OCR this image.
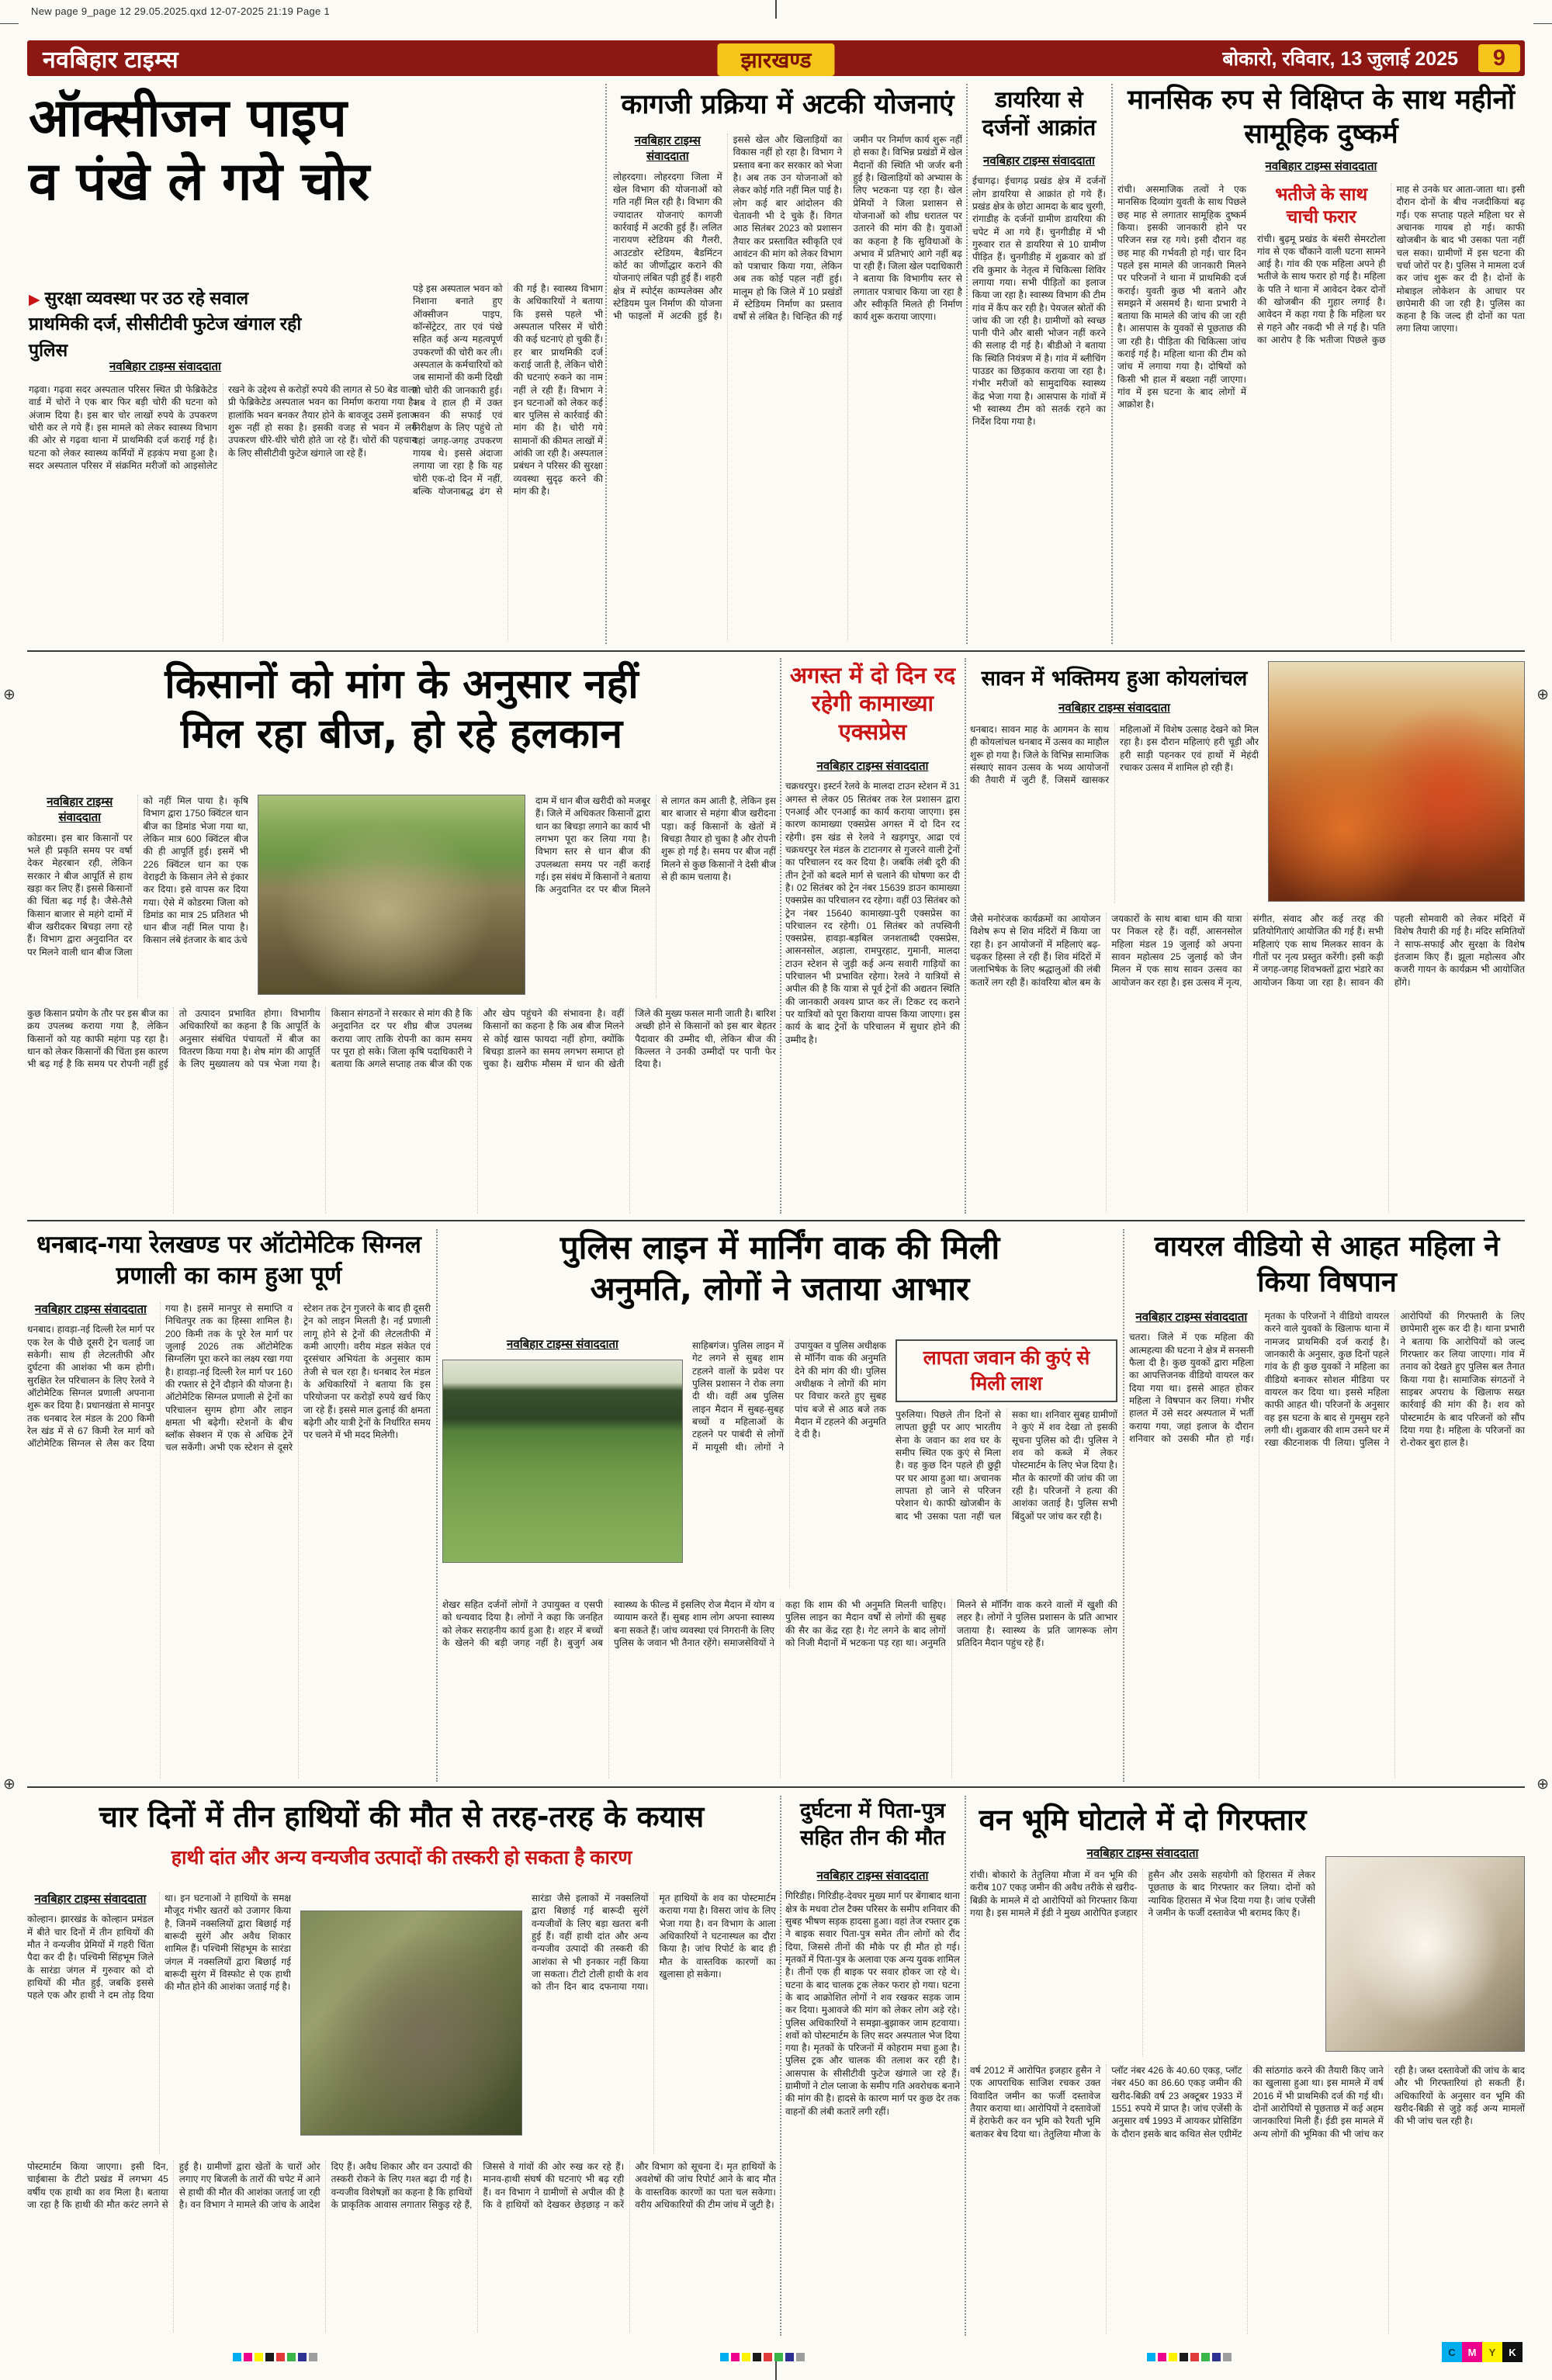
New page 9_page 12 29.05.2025.qxd 12-07-2025 21:19 Page 1
⊕	⊕
⊕	⊕
नवबिहार टाइम्स	झारखण्ड	बोकारो, रविवार, 13 जुलाई 2025	9
ऑक्सीजन पाइप
व पंखे ले गये चोर
▶ सुरक्षा व्यवस्था पर उठ रहे सवाल
प्राथमिकी दर्ज, सीसीटीवी फुटेज खंगाल रही पुलिस
नवबिहार टाइम्स संवाददाता
गढ़वा। गढ़वा सदर अस्पताल परिसर स्थित प्री फेब्रिकेटेड वार्ड में चोरों ने एक बार फिर बड़ी चोरी की घटना को अंजाम दिया है। इस बार चोर लाखों रुपये के उपकरण चोरी कर ले गये हैं। इस मामले को लेकर स्वास्थ्य विभाग की ओर से गढ़वा थाना में प्राथमिकी दर्ज कराई गई है। घटना को लेकर स्वास्थ्य कर्मियों में हड़कंप मचा हुआ है। सदर अस्पताल परिसर में संक्रमित मरीजों को आइसोलेट रखने के उद्देश्य से करोड़ों रुपये की लागत से 50 बेड वाला प्री फेब्रिकेटेड अस्पताल भवन का निर्माण कराया गया है। हालांकि भवन बनकर तैयार होने के बावजूद उसमें इलाज शुरू नहीं हो सका है। इसकी वजह से भवन में लगे उपकरण धीरे-धीरे चोरी होते जा रहे हैं। चोरों की पहचान के लिए सीसीटीवी फुटेज खंगाले जा रहे हैं।
पड़े इस अस्पताल भवन को निशाना बनाते हुए ऑक्सीजन पाइप, कॉन्सेंट्रेटर, तार एवं पंखे सहित कई अन्य महत्वपूर्ण उपकरणों की चोरी कर ली। अस्पताल के कर्मचारियों को जब सामानों की कमी दिखी तो चोरी की जानकारी हुई। जब वे हाल ही में उक्त भवन की सफाई एवं निरीक्षण के लिए पहुंचे तो वहां जगह-जगह उपकरण गायब थे। इससे अंदाजा लगाया जा रहा है कि यह चोरी एक-दो दिन में नहीं, बल्कि योजनाबद्ध ढंग से की गई है। स्वास्थ्य विभाग के अधिकारियों ने बताया कि इससे पहले भी अस्पताल परिसर में चोरी की कई घटनाएं हो चुकी हैं। हर बार प्राथमिकी दर्ज कराई जाती है, लेकिन चोरी की घटनाएं रुकने का नाम नहीं ले रही हैं। विभाग ने इन घटनाओं को लेकर कई बार पुलिस से कार्रवाई की मांग की है। चोरी गये सामानों की कीमत लाखों में आंकी जा रही है। अस्पताल प्रबंधन ने परिसर की सुरक्षा व्यवस्था सुदृढ़ करने की मांग की है।
कागजी प्रक्रिया में अटकी योजनाएं
नवबिहार टाइम्स संवाददाता
लोहरदगा। लोहरदगा जिला में खेल विभाग की योजनाओं को गति नहीं मिल रही है। विभाग की ज्यादातर योजनाएं कागजी कार्रवाई में अटकी हुई हैं। ललित नारायण स्टेडियम की गैलरी, आउटडोर स्टेडियम, बैडमिंटन कोर्ट का जीर्णोद्धार कराने की योजनाएं लंबित पड़ी हुई हैं। शहरी क्षेत्र में स्पोर्ट्स काम्पलेक्स और स्टेडियम पुल निर्माण की योजना भी फाइलों में अटकी हुई है। इससे खेल और खिलाड़ियों का विकास नहीं हो रहा है। विभाग ने प्रस्ताव बना कर सरकार को भेजा है। अब तक उन योजनाओं को लेकर कोई गति नहीं मिल पाई है। लोग कई बार आंदोलन की चेतावनी भी दे चुके हैं। विगत आठ सितंबर 2023 को प्रशासन तैयार कर प्रस्तावित स्वीकृति एवं आवंटन की मांग को लेकर विभाग को पत्राचार किया गया, लेकिन अब तक कोई पहल नहीं हुई। मालूम हो कि जिले में 10 प्रखंडों में स्टेडियम निर्माण का प्रस्ताव वर्षों से लंबित है। चिन्हित की गई जमीन पर निर्माण कार्य शुरू नहीं हो सका है। विभिन्न प्रखंडों में खेल मैदानों की स्थिति भी जर्जर बनी हुई है। खिलाड़ियों को अभ्यास के लिए भटकना पड़ रहा है। खेल प्रेमियों ने जिला प्रशासन से योजनाओं को शीघ्र धरातल पर उतारने की मांग की है। युवाओं का कहना है कि सुविधाओं के अभाव में प्रतिभाएं आगे नहीं बढ़ पा रही हैं। जिला खेल पदाधिकारी ने बताया कि विभागीय स्तर से लगातार पत्राचार किया जा रहा है और स्वीकृति मिलते ही निर्माण कार्य शुरू कराया जाएगा।
डायरिया से दर्जनों आक्रांत
नवबिहार टाइम्स संवाददाता
ईचागढ़। ईचागढ़ प्रखंड क्षेत्र में दर्जनों लोग डायरिया से आक्रांत हो गये हैं। प्रखंड क्षेत्र के छोटा आमदा के बाद चुरगी, रांगाडीह के दर्जनों ग्रामीण डायरिया की चपेट में आ गये हैं। चुनगीडीह में भी गुरुवार रात से डायरिया से 10 ग्रामीण पीड़ित हैं। चुनगीडीह में शुक्रवार को डॉ रवि कुमार के नेतृत्व में चिकित्सा शिविर लगाया गया। सभी पीड़ितों का इलाज किया जा रहा है। स्वास्थ्य विभाग की टीम गांव में कैंप कर रही है। पेयजल स्रोतों की जांच की जा रही है। ग्रामीणों को स्वच्छ पानी पीने और बासी भोजन नहीं करने की सलाह दी गई है। बीडीओ ने बताया कि स्थिति नियंत्रण में है। गांव में ब्लीचिंग पाउडर का छिड़काव कराया जा रहा है। गंभीर मरीजों को सामुदायिक स्वास्थ्य केंद्र भेजा गया है। आसपास के गांवों में भी स्वास्थ्य टीम को सतर्क रहने का निर्देश दिया गया है।
मानसिक रुप से विक्षिप्त के साथ महीनों सामूहिक दुष्कर्म
नवबिहार टाइम्स संवाददाता
रांची। असमाजिक तत्वों ने एक मानसिक दिव्यांग युवती के साथ पिछले छह माह से लगातार सामूहिक दुष्कर्म किया। इसकी जानकारी होने पर परिजन सन्न रह गये। इसी दौरान वह छह माह की गर्भवती हो गई। चार दिन पहले इस मामले की जानकारी मिलने पर परिजनों ने थाना में प्राथमिकी दर्ज कराई। युवती कुछ भी बताने और समझने में असमर्थ है। थाना प्रभारी ने बताया कि मामले की जांच की जा रही है। आसपास के युवकों से पूछताछ की जा रही है। पीड़िता की चिकित्सा जांच कराई गई है। महिला थाना की टीम को जांच में लगाया गया है। दोषियों को किसी भी हाल में बख्शा नहीं जाएगा। गांव में इस घटना के बाद लोगों में आक्रोश है।
भतीजे के साथ चाची फरार
रांची। बुढ़मू प्रखंड के बंसरी सेमरटोला गांव से एक चौंकाने वाली घटना सामने आई है। गांव की एक महिला अपने ही भतीजे के साथ फरार हो गई है। महिला के पति ने थाना में आवेदन देकर दोनों की खोजबीन की गुहार लगाई है। आवेदन में कहा गया है कि महिला घर से गहने और नकदी भी ले गई है। पति का आरोप है कि भतीजा पिछले कुछ माह से उनके घर आता-जाता था। इसी दौरान दोनों के बीच नजदीकियां बढ़ गईं। एक सप्ताह पहले महिला घर से अचानक गायब हो गई। काफी खोजबीन के बाद भी उसका पता नहीं चल सका। ग्रामीणों में इस घटना की चर्चा जोरों पर है। पुलिस ने मामला दर्ज कर जांच शुरू कर दी है। दोनों के मोबाइल लोकेशन के आधार पर छापेमारी की जा रही है। पुलिस का कहना है कि जल्द ही दोनों का पता लगा लिया जाएगा।
किसानों को मांग के अनुसार नहीं
मिल रहा बीज, हो रहे हलकान
नवबिहार टाइम्स संवाददाता
कोडरमा। इस बार किसानों पर भले ही प्रकृति समय पर वर्षा देकर मेहरबान रही, लेकिन सरकार ने बीज आपूर्ति से हाथ खड़ा कर लिए हैं। इससे किसानों की चिंता बढ़ गई है। जैसे-तैसे किसान बाजार से महंगे दामों में बीज खरीदकर बिचड़ा लगा रहे हैं। विभाग द्वारा अनुदानित दर पर मिलने वाली धान बीज जिला को नहीं मिल पाया है। कृषि विभाग द्वारा 1750 क्विंटल धान बीज का डिमांड भेजा गया था, लेकिन मात्र 600 क्विंटल बीज की ही आपूर्ति हुई। इसमें भी 226 क्विंटल धान का एक वेराइटी के किसान लेने से इंकार कर दिया। इसे वापस कर दिया गया। ऐसे में कोडरमा जिला को डिमांड का मात्र 25 प्रतिशत भी धान बीज नहीं मिल पाया है। किसान लंबे इंतजार के बाद ऊंचे
दाम में धान बीज खरीदी को मजबूर हैं। जिले में अधिकतर किसानों द्वारा धान का बिचड़ा लगाने का कार्य भी लगभग पूरा कर लिया गया है। विभाग स्तर से धान बीज की उपलब्धता समय पर नहीं कराई गई। इस संबंध में किसानों ने बताया कि अनुदानित दर पर बीज मिलने से लागत कम आती है, लेकिन इस बार बाजार से महंगा बीज खरीदना पड़ा। कई किसानों के खेतों में बिचड़ा तैयार हो चुका है और रोपनी शुरू हो गई है। समय पर बीज नहीं मिलने से कुछ किसानों ने देसी बीज से ही काम चलाया है।
कुछ किसान प्रयोग के तौर पर इस बीज का क्रय उपलब्ध कराया गया है, लेकिन किसानों को यह काफी महंगा पड़ रहा है। धान को लेकर किसानों की चिंता इस कारण भी बढ़ गई है कि समय पर रोपनी नहीं हुई तो उत्पादन प्रभावित होगा। विभागीय अधिकारियों का कहना है कि आपूर्ति के अनुसार संबंधित पंचायतों में बीज का वितरण किया गया है। शेष मांग की आपूर्ति के लिए मुख्यालय को पत्र भेजा गया है। किसान संगठनों ने सरकार से मांग की है कि अनुदानित दर पर शीघ्र बीज उपलब्ध कराया जाए ताकि रोपनी का काम समय पर पूरा हो सके। जिला कृषि पदाधिकारी ने बताया कि अगले सप्ताह तक बीज की एक और खेप पहुंचने की संभावना है। वहीं किसानों का कहना है कि अब बीज मिलने से कोई खास फायदा नहीं होगा, क्योंकि बिचड़ा डालने का समय लगभग समाप्त हो चुका है। खरीफ मौसम में धान की खेती जिले की मुख्य फसल मानी जाती है। बारिश अच्छी होने से किसानों को इस बार बेहतर पैदावार की उम्मीद थी, लेकिन बीज की किल्लत ने उनकी उम्मीदों पर पानी फेर दिया है।
अगस्त में दो दिन रद रहेगी कामाख्या एक्सप्रेस
नवबिहार टाइम्स संवाददाता
चक्रधरपुर। इस्टर्न रेलवे के मालदा टाउन स्टेशन में 31 अगस्त से लेकर 05 सितंबर तक रेल प्रशासन द्वारा एनआई और एनआई का कार्य कराया जाएगा। इस कारण कामाख्या एक्सप्रेस अगस्त में दो दिन रद रहेगी। इस खंड से रेलवे ने खड़गपुर, आद्रा एवं चक्रधरपुर रेल मंडल के टाटानगर से गुजरने वाली ट्रेनों का परिचालन रद कर दिया है। जबकि लंबी दूरी की तीन ट्रेनों को बदले मार्ग से चलाने की घोषणा कर दी है। 02 सितंबर को ट्रेन नंबर 15639 डाउन कामाख्या एक्सप्रेस का परिचालन रद रहेगा। वहीं 03 सितंबर को ट्रेन नंबर 15640 कामाख्या-पुरी एक्सप्रेस का परिचालन रद रहेगी। 01 सितंबर को तपस्विनी एक्सप्रेस, हावड़ा-बड़बिल जनशताब्दी एक्सप्रेस, आसनसोल, अड़ाला, रामपुरहाट, गुमानी, मालदा टाउन स्टेशन से जुड़ी कई अन्य सवारी गाड़ियों का परिचालन भी प्रभावित रहेगा। रेलवे ने यात्रियों से अपील की है कि यात्रा से पूर्व ट्रेनों की अद्यतन स्थिति की जानकारी अवश्य प्राप्त कर लें। टिकट रद कराने पर यात्रियों को पूरा किराया वापस किया जाएगा। इस कार्य के बाद ट्रेनों के परिचालन में सुधार होने की उम्मीद है।
सावन में भक्तिमय हुआ कोयलांचल
नवबिहार टाइम्स संवाददाता
धनबाद। सावन माह के आगमन के साथ ही कोयलांचल धनबाद में उत्सव का माहौल शुरू हो गया है। जिले के विभिन्न सामाजिक संस्थाएं सावन उत्सव के भव्य आयोजनों की तैयारी में जुटी हैं, जिसमें खासकर महिलाओं में विशेष उत्साह देखने को मिल रहा है। इस दौरान महिलाएं हरी चूड़ी और हरी साड़ी पहनकर एवं हाथों में मेहंदी रचाकर उत्सव में शामिल हो रही हैं।
जैसे मनोरंजक कार्यक्रमों का आयोजन विशेष रूप से शिव मंदिरों में किया जा रहा है। इन आयोजनों में महिलाएं बढ़-चढ़कर हिस्सा ले रही हैं। शिव मंदिरों में जलाभिषेक के लिए श्रद्धालुओं की लंबी कतारें लग रही हैं। कांवरिया बोल बम के जयकारों के साथ बाबा धाम की यात्रा पर निकल रहे हैं। वहीं, आसनसोल महिला मंडल 19 जुलाई को अपना सावन महोत्सव 25 जुलाई को जैन मिलन में एक साथ सावन उत्सव का आयोजन कर रहा है। इस उत्सव में नृत्य, संगीत, संवाद और कई तरह की प्रतियोगिताएं आयोजित की गई हैं। सभी महिलाएं एक साथ मिलकर सावन के गीतों पर नृत्य प्रस्तुत करेंगी। इसी कड़ी में जगह-जगह शिवभक्तों द्वारा भंडारे का आयोजन किया जा रहा है। सावन की पहली सोमवारी को लेकर मंदिरों में विशेष तैयारी की गई है। मंदिर समितियों ने साफ-सफाई और सुरक्षा के विशेष इंतजाम किए हैं। झूला महोत्सव और कजरी गायन के कार्यक्रम भी आयोजित होंगे।
धनबाद-गया रेलखण्ड पर ऑटोमेटिक सिग्नल प्रणाली का काम हुआ पूर्ण
नवबिहार टाइम्स संवाददाता
धनबाद। हावड़ा-नई दिल्ली रेल मार्ग पर एक रेल के पीछे दूसरी ट्रेन चलाई जा सकेगी। साथ ही लेटलतीफी और दुर्घटना की आशंका भी कम होगी। सुरक्षित रेल परिचालन के लिए रेलवे ने ऑटोमेटिक सिग्नल प्रणाली अपनाना शुरू कर दिया है। प्रधानखंता से मानपुर तक धनबाद रेल मंडल के 200 किमी रेल खंड में से 67 किमी रेल मार्ग को ऑटोमेटिक सिग्नल से लैस कर दिया गया है। इसमें मानपुर से समाप्ति व निचितपुर तक का हिस्सा शामिल है। 200 किमी तक के पूरे रेल मार्ग पर जुलाई 2026 तक ऑटोमेटिक सिग्नलिंग पूरा करने का लक्ष्य रखा गया है। हावड़ा-नई दिल्ली रेल मार्ग पर 160 की रफ्तार से ट्रेनें दौड़ाने की योजना है। ऑटोमेटिक सिग्नल प्रणाली से ट्रेनों का परिचालन सुगम होगा और लाइन क्षमता भी बढ़ेगी। स्टेशनों के बीच ब्लॉक सेक्शन में एक से अधिक ट्रेनें चल सकेंगी। अभी एक स्टेशन से दूसरे स्टेशन तक ट्रेन गुजरने के बाद ही दूसरी ट्रेन को लाइन मिलती है। नई प्रणाली लागू होने से ट्रेनों की लेटलतीफी में कमी आएगी। वरीय मंडल संकेत एवं दूरसंचार अभियंता के अनुसार काम तेजी से चल रहा है। धनबाद रेल मंडल के अधिकारियों ने बताया कि इस परियोजना पर करोड़ों रुपये खर्च किए जा रहे हैं। इससे माल ढुलाई की क्षमता बढ़ेगी और यात्री ट्रेनों के निर्धारित समय पर चलने में भी मदद मिलेगी।
पुलिस लाइन में मार्निंग वाक की मिली
अनुमति, लोगों ने जताया आभार
नवबिहार टाइम्स संवाददाता	साहिबगंज। पुलिस लाइन में गेट लगने से सुबह शाम टहलने वालों के प्रवेश पर पुलिस प्रशासन ने रोक लगा दी थी। वहीं अब पुलिस लाइन मैदान में सुबह-सुबह बच्चों व महिलाओं के टहलने पर पाबंदी से लोगों में मायूसी थी। लोगों ने उपायुक्त व पुलिस अधीक्षक से मॉर्निंग वाक की अनुमति देने की मांग की थी। पुलिस अधीक्षक ने लोगों की मांग पर विचार करते हुए सुबह पांच बजे से आठ बजे तक मैदान में टहलने की अनुमति दे दी है।
लापता जवान की कुएं से मिली लाश
पुरुलिया। पिछले तीन दिनों से लापता छुट्टी पर आए भारतीय सेना के जवान का शव घर के समीप स्थित एक कुएं से मिला है। वह कुछ दिन पहले ही छुट्टी पर घर आया हुआ था। अचानक लापता हो जाने से परिजन परेशान थे। काफी खोजबीन के बाद भी उसका पता नहीं चल सका था। शनिवार सुबह ग्रामीणों ने कुएं में शव देखा तो इसकी सूचना पुलिस को दी। पुलिस ने शव को कब्जे में लेकर पोस्टमार्टम के लिए भेज दिया है। मौत के कारणों की जांच की जा रही है। परिजनों ने हत्या की आशंका जताई है। पुलिस सभी बिंदुओं पर जांच कर रही है।
शेखर सहित दर्जनों लोगों ने उपायुक्त व एसपी को धन्यवाद दिया है। लोगों ने कहा कि जनहित को लेकर सराहनीय कार्य हुआ है। शहर में बच्चों के खेलने की बड़ी जगह नहीं है। बुजुर्ग अब स्वास्थ्य के फील्ड में इसलिए रोज मैदान में योग व व्यायाम करते हैं। सुबह शाम लोग अपना स्वास्थ्य बना सकते हैं। जांच व्यवस्था एवं निगरानी के लिए पुलिस के जवान भी तैनात रहेंगे। समाजसेवियों ने कहा कि शाम की भी अनुमति मिलनी चाहिए। पुलिस लाइन का मैदान वर्षों से लोगों की सुबह की सैर का केंद्र रहा है। गेट लगने के बाद लोगों को निजी मैदानों में भटकना पड़ रहा था। अनुमति मिलने से मॉर्निंग वाक करने वालों में खुशी की लहर है। लोगों ने पुलिस प्रशासन के प्रति आभार जताया है। स्वास्थ्य के प्रति जागरूक लोग प्रतिदिन मैदान पहुंच रहे हैं।
वायरल वीडियो से आहत महिला ने किया विषपान
नवबिहार टाइम्स संवाददाता
चतरा। जिले में एक महिला की आत्महत्या की घटना ने क्षेत्र में सनसनी फैला दी है। कुछ युवकों द्वारा महिला का आपत्तिजनक वीडियो वायरल कर दिया गया था। इससे आहत होकर महिला ने विषपान कर लिया। गंभीर हालत में उसे सदर अस्पताल में भर्ती कराया गया, जहां इलाज के दौरान शनिवार को उसकी मौत हो गई। मृतका के परिजनों ने वीडियो वायरल करने वाले युवकों के खिलाफ थाना में नामजद प्राथमिकी दर्ज कराई है। जानकारी के अनुसार, कुछ दिनों पहले गांव के ही कुछ युवकों ने महिला का वीडियो बनाकर सोशल मीडिया पर वायरल कर दिया था। इससे महिला काफी आहत थी। परिजनों के अनुसार वह इस घटना के बाद से गुमसुम रहने लगी थी। शुक्रवार की शाम उसने घर में रखा कीटनाशक पी लिया। पुलिस ने आरोपियों की गिरफ्तारी के लिए छापेमारी शुरू कर दी है। थाना प्रभारी ने बताया कि आरोपियों को जल्द गिरफ्तार कर लिया जाएगा। गांव में तनाव को देखते हुए पुलिस बल तैनात किया गया है। सामाजिक संगठनों ने साइबर अपराध के खिलाफ सख्त कार्रवाई की मांग की है। शव को पोस्टमार्टम के बाद परिजनों को सौंप दिया गया है। महिला के परिजनों का रो-रोकर बुरा हाल है।
चार दिनों में तीन हाथियों की मौत से तरह-तरह के कयास
हाथी दांत और अन्य वन्यजीव उत्पादों की तस्करी हो सकता है कारण
नवबिहार टाइम्स संवाददाता
कोल्हान। झारखंड के कोल्हान प्रमंडल में बीते चार दिनों में तीन हाथियों की मौत ने वन्यजीव प्रेमियों में गहरी चिंता पैदा कर दी है। पश्चिमी सिंहभूम जिले के सारंडा जंगल में गुरुवार को दो हाथियों की मौत हुई, जबकि इससे पहले एक और हाथी ने दम तोड़ दिया था। इन घटनाओं ने हाथियों के समक्ष मौजूद गंभीर खतरों को उजागर किया है, जिनमें नक्सलियों द्वारा बिछाई गई बारूदी सुरंगें और अवैध शिकार शामिल हैं। पश्चिमी सिंहभूम के सारंडा जंगल में नक्सलियों द्वारा बिछाई गई बारूदी सुरंग में विस्फोट से एक हाथी की मौत होने की आशंका जताई गई है।
सारंडा जैसे इलाकों में नक्सलियों द्वारा बिछाई गई बारूदी सुरंगें वन्यजीवों के लिए बड़ा खतरा बनी हुई हैं। वहीं हाथी दांत और अन्य वन्यजीव उत्पादों की तस्करी की आशंका से भी इनकार नहीं किया जा सकता। टीटो टोली हाथी के शव को तीन दिन बाद दफनाया गया। मृत हाथियों के शव का पोस्टमार्टम कराया गया है। विसरा जांच के लिए भेजा गया है। वन विभाग के आला अधिकारियों ने घटनास्थल का दौरा किया है। जांच रिपोर्ट के बाद ही मौत के वास्तविक कारणों का खुलासा हो सकेगा।
पोस्टमार्टम किया जाएगा। इसी दिन, चाईबासा के टीटो प्रखंड में लगभग 45 वर्षीय एक हाथी का शव मिला है। बताया जा रहा है कि हाथी की मौत करंट लगने से हुई है। ग्रामीणों द्वारा खेतों के चारों ओर लगाए गए बिजली के तारों की चपेट में आने से हाथी की मौत की आशंका जताई जा रही है। वन विभाग ने मामले की जांच के आदेश दिए हैं। अवैध शिकार और वन उत्पादों की तस्करी रोकने के लिए गश्त बढ़ा दी गई है। वन्यजीव विशेषज्ञों का कहना है कि हाथियों के प्राकृतिक आवास लगातार सिकुड़ रहे हैं, जिससे वे गांवों की ओर रुख कर रहे हैं। मानव-हाथी संघर्ष की घटनाएं भी बढ़ रही हैं। वन विभाग ने ग्रामीणों से अपील की है कि वे हाथियों को देखकर छेड़छाड़ न करें और विभाग को सूचना दें। मृत हाथियों के अवशेषों की जांच रिपोर्ट आने के बाद मौत के वास्तविक कारणों का पता चल सकेगा। वरीय अधिकारियों की टीम जांच में जुटी है।
दुर्घटना में पिता-पुत्र सहित तीन की मौत
नवबिहार टाइम्स संवाददाता
गिरिडीह। गिरिडीह-देवघर मुख्य मार्ग पर बेंगाबाद थाना क्षेत्र के मधवा टोल टैक्स परिसर के समीप शनिवार की सुबह भीषण सड़क हादसा हुआ। वहां तेज रफ्तार ट्रक ने बाइक सवार पिता-पुत्र समेत तीन लोगों को रौंद दिया, जिससे तीनों की मौके पर ही मौत हो गई। मृतकों में पिता-पुत्र के अलावा एक अन्य युवक शामिल है। तीनों एक ही बाइक पर सवार होकर जा रहे थे। घटना के बाद चालक ट्रक लेकर फरार हो गया। घटना के बाद आक्रोशित लोगों ने शव रखकर सड़क जाम कर दिया। मुआवजे की मांग को लेकर लोग अड़े रहे। पुलिस अधिकारियों ने समझा-बुझाकर जाम हटवाया। शवों को पोस्टमार्टम के लिए सदर अस्पताल भेज दिया गया है। मृतकों के परिजनों में कोहराम मचा हुआ है। पुलिस ट्रक और चालक की तलाश कर रही है। आसपास के सीसीटीवी फुटेज खंगाले जा रहे हैं। ग्रामीणों ने टोल प्लाजा के समीप गति अवरोधक बनाने की मांग की है। हादसे के कारण मार्ग पर कुछ देर तक वाहनों की लंबी कतारें लगी रहीं।
वन भूमि घोटाले में दो गिरफ्तार
नवबिहार टाइम्स संवाददाता
रांची। बोकारो के तेतुलिया मौजा में वन भूमि की करीब 107 एकड़ जमीन की अवैध तरीके से खरीद-बिक्री के मामले में दो आरोपियों को गिरफ्तार किया गया है। इस मामले में ईडी ने मुख्य आरोपित इजहार हुसैन और उसके सहयोगी को हिरासत में लेकर पूछताछ के बाद गिरफ्तार कर लिया। दोनों को न्यायिक हिरासत में भेज दिया गया है। जांच एजेंसी ने जमीन के फर्जी दस्तावेज भी बरामद किए हैं।
वर्ष 2012 में आरोपित इजहार हुसैन ने एक आपराधिक साजिश रचकर उक्त विवादित जमीन का फर्जी दस्तावेज तैयार कराया था। आरोपियों ने दस्तावेजों में हेराफेरी कर वन भूमि को रैयती भूमि बताकर बेच दिया था। तेतुलिया मौजा के प्लॉट नंबर 426 के 40.60 एकड़, प्लॉट नंबर 450 का 86.60 एकड़ जमीन की खरीद-बिक्री वर्ष 23 अक्टूबर 1933 में 1551 रुपये में प्राप्त है। जांच एजेंसी के अनुसार वर्ष 1993 में आयकर प्रोसिडिंग के दौरान इसके बाद कथित सेल एग्रीमेंट की सांठगांठ करने की तैयारी किए जाने का खुलासा हुआ था। इस मामले में वर्ष 2016 में भी प्राथमिकी दर्ज की गई थी। दोनों आरोपियों से पूछताछ में कई अहम जानकारियां मिली हैं। ईडी इस मामले में अन्य लोगों की भूमिका की भी जांच कर रही है। जब्त दस्तावेजों की जांच के बाद और भी गिरफ्तारियां हो सकती हैं। अधिकारियों के अनुसार वन भूमि की खरीद-बिक्री से जुड़े कई अन्य मामलों की भी जांच चल रही है।
C	M	Y	K
